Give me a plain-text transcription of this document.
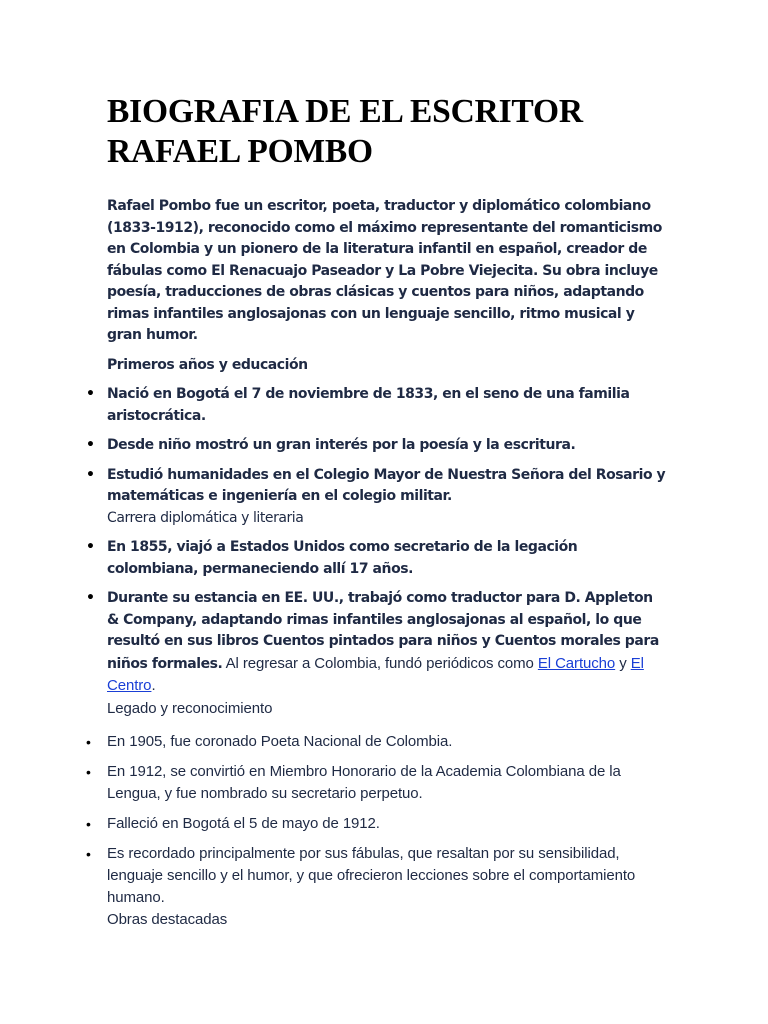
BIOGRAFIA DE EL ESCRITOR
RAFAEL POMBO

Rafael Pombo fue un escritor, poeta, traductor y diplomático colombiano (1833-1912), reconocido como el máximo representante del romanticismo en Colombia y un pionero de la literatura infantil en español, creador de fábulas como El Renacuajo Paseador y La Pobre Viejecita. Su obra incluye poesía, traducciones de obras clásicas y cuentos para niños, adaptando rimas infantiles anglosajonas con un lenguaje sencillo, ritmo musical y gran humor.

Primeros años y educación

• Nació en Bogotá el 7 de noviembre de 1833, en el seno de una familia aristocrática.
• Desde niño mostró un gran interés por la poesía y la escritura.
• Estudió humanidades en el Colegio Mayor de Nuestra Señora del Rosario y matemáticas e ingeniería en el colegio militar.
Carrera diplomática y literaria
• En 1855, viajó a Estados Unidos como secretario de la legación colombiana, permaneciendo allí 17 años.
• Durante su estancia en EE. UU., trabajó como traductor para D. Appleton & Company, adaptando rimas infantiles anglosajonas al español, lo que resultó en sus libros Cuentos pintados para niños y Cuentos morales para niños formales. Al regresar a Colombia, fundó periódicos como El Cartucho y El Centro.
Legado y reconocimiento
• En 1905, fue coronado Poeta Nacional de Colombia.
• En 1912, se convirtió en Miembro Honorario de la Academia Colombiana de la Lengua, y fue nombrado su secretario perpetuo.
• Falleció en Bogotá el 5 de mayo de 1912.
• Es recordado principalmente por sus fábulas, que resaltan por su sensibilidad, lenguaje sencillo y el humor, y que ofrecieron lecciones sobre el comportamiento humano.
Obras destacadas
